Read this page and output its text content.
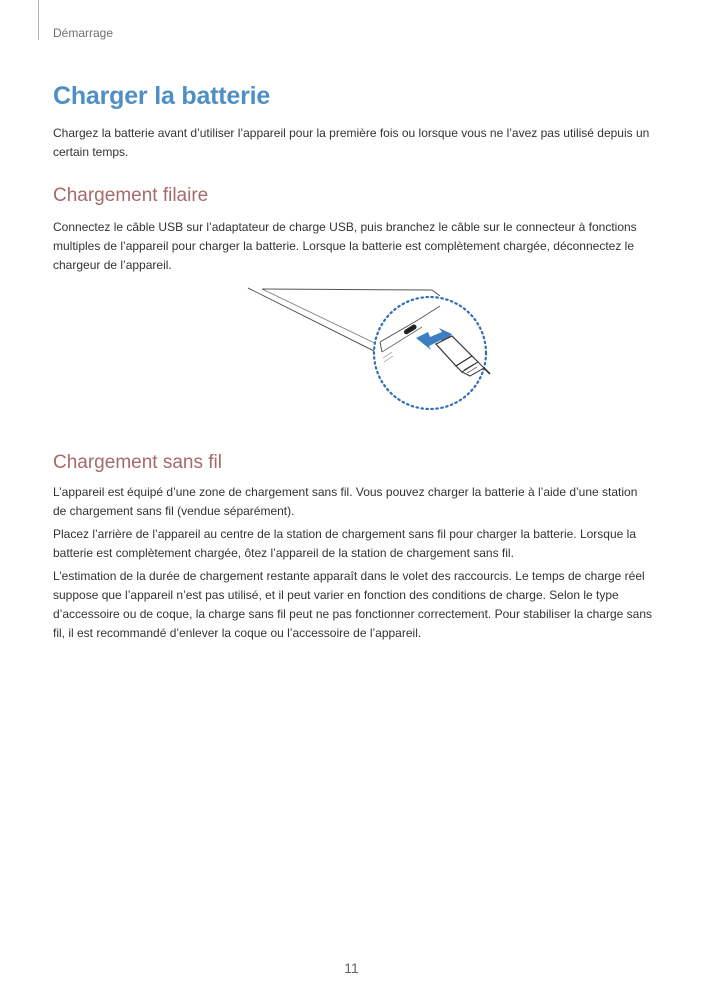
Démarrage
Charger la batterie

Chargez la batterie avant d’utiliser l’appareil pour la première fois ou lorsque vous ne l’avez pas utilisé depuis un certain temps.

Chargement filaire

Connectez le câble USB sur l’adaptateur de charge USB, puis branchez le câble sur le connecteur à fonctions multiples de l’appareil pour charger la batterie. Lorsque la batterie est complètement chargée, déconnectez le chargeur de l’appareil.

Chargement sans fil

L’appareil est équipé d’une zone de chargement sans fil. Vous pouvez charger la batterie à l’aide d’une station de chargement sans fil (vendue séparément).

Placez l’arrière de l’appareil au centre de la station de chargement sans fil pour charger la batterie. Lorsque la batterie est complètement chargée, ôtez l’appareil de la station de chargement sans fil.

L’estimation de la durée de chargement restante apparaît dans le volet des raccourcis. Le temps de charge réel suppose que l’appareil n’est pas utilisé, et il peut varier en fonction des conditions de charge. Selon le type d’accessoire ou de coque, la charge sans fil peut ne pas fonctionner correctement. Pour stabiliser la charge sans fil, il est recommandé d’enlever la coque ou l’accessoire de l’appareil.

11
